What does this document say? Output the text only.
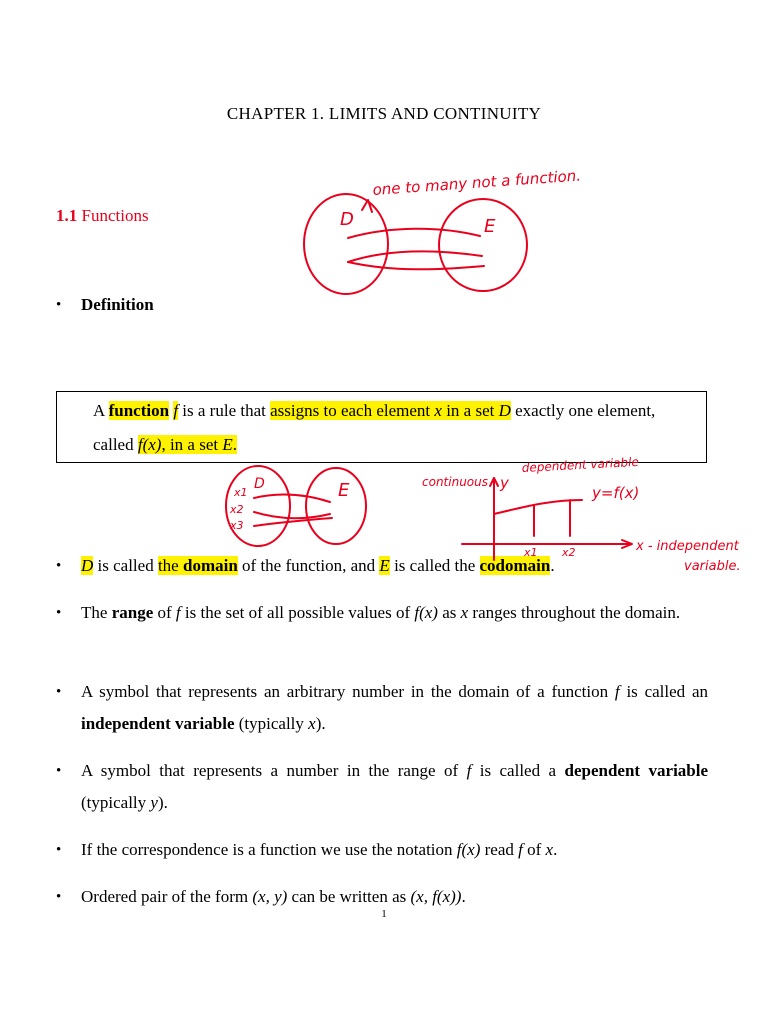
CHAPTER 1. LIMITS AND CONTINUITY
1.1 Functions
• Definition
A function f is a rule that assigns to each element x in a set D exactly one element, called f(x), in a set E.
• D is called the domain of the function, and E is called the codomain.
• The range of f is the set of all possible values of f(x) as x ranges throughout the domain.
• A symbol that represents an arbitrary number in the domain of a function f is called an independent variable (typically x).
• A symbol that represents a number in the range of f is called a dependent variable (typically y).
• If the correspondence is a function we use the notation f(x) read f of x.
• Ordered pair of the form (x, y) can be written as (x, f(x)).
1
one to many not a function.
D	E
D	E
x1
x2
x3
continuous y
dependent variable
y=f(x)
x1 x2	x - independent
variable.
